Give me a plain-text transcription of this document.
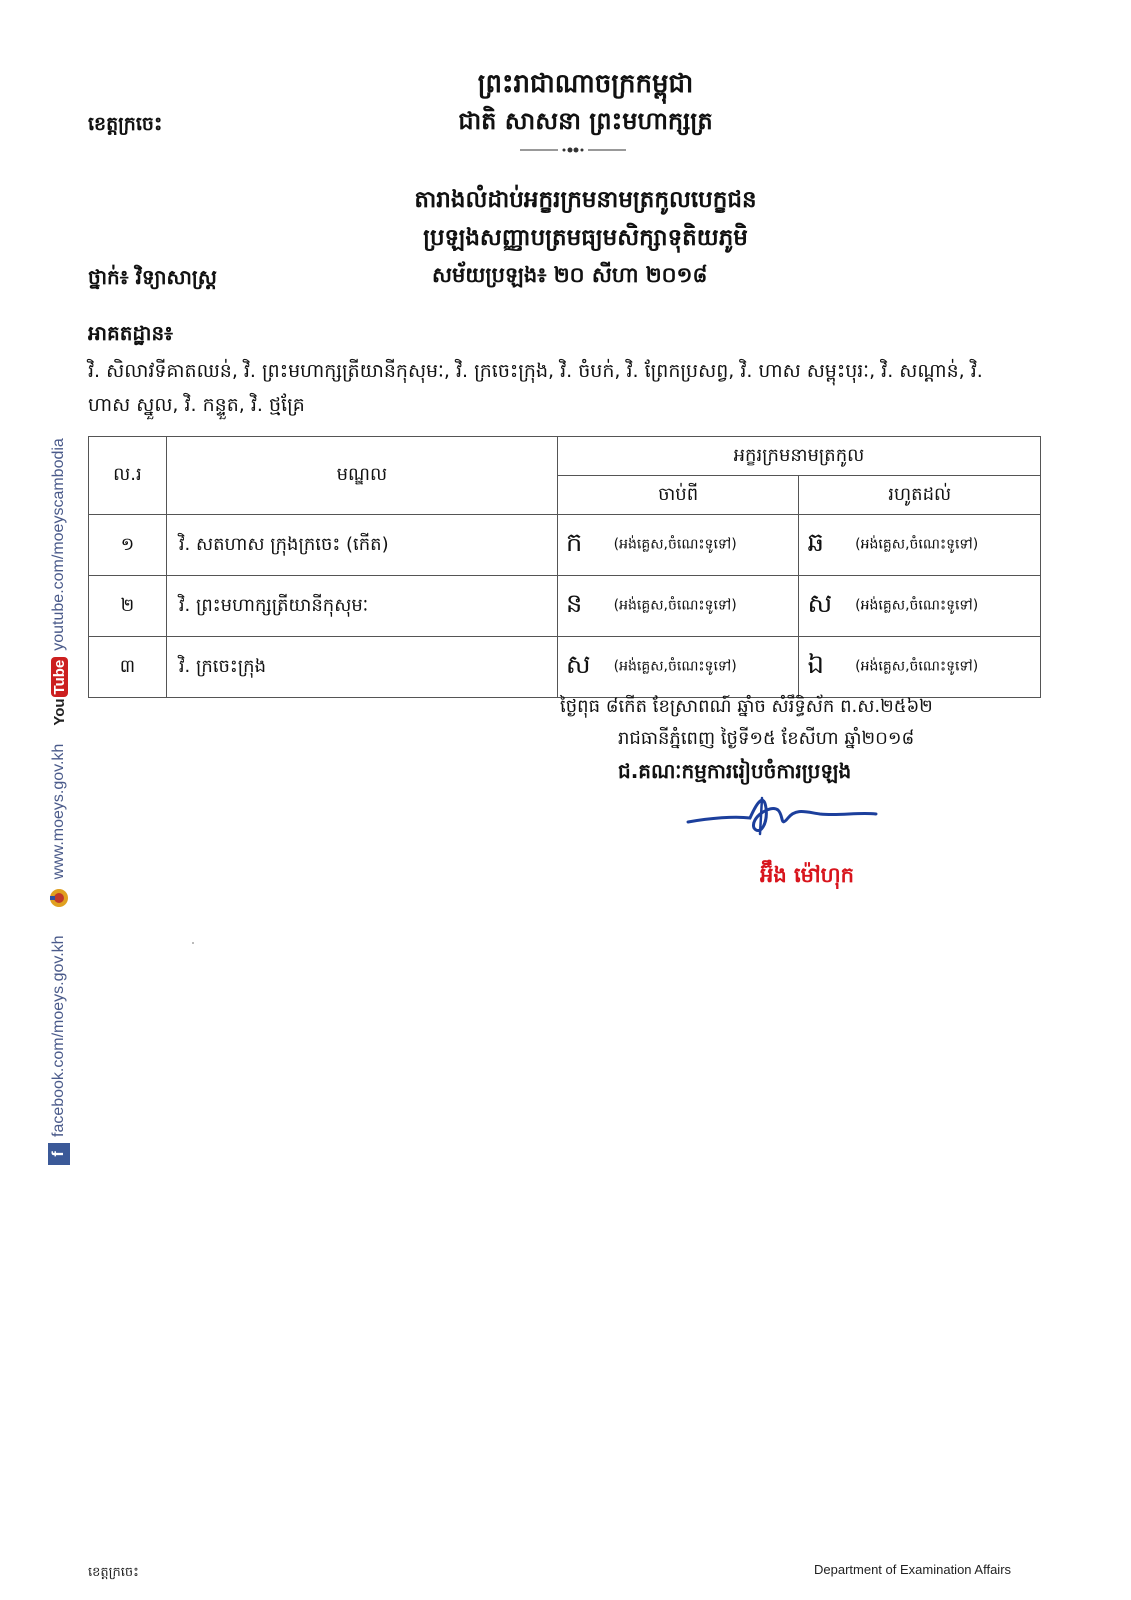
ព្រះរាជាណាចក្រកម្ពុជា
ជាតិ សាសនា ព្រះមហាក្សត្រ
ខេត្តក្រចេះ
តារាងលំដាប់អក្ខរក្រមនាមត្រកូលបេក្ខជន
ប្រឡងសញ្ញាបត្រមធ្យមសិក្សាទុតិយភូមិ
ថ្នាក់៖ វិទ្យាសាស្ត្រ	សម័យប្រឡង៖ ២០ សីហា ២០១៨
អាគតដ្ឋាន៖
វិ. សិលាវទីគាតឈន់, វិ. ព្រះមហាក្សត្រីយានីកុសុមៈ, វិ. ក្រចេះក្រុង, វិ. ចំបក់, វិ. ព្រែកប្រសព្វ, វិ. ហាស សម្ពុះបុរៈ, វិ. សណ្តាន់, វិ. ហាស ស្នួល, វិ. កន្ទួត, វិ. ថ្មគ្រែ
ល.រ	មណ្ឌល	អក្ខរក្រមនាមត្រកូល	
		ចាប់ពី	រហូតដល់
១	វិ. សតហាស ក្រុងក្រចេះ (កើត)	ក (អង់គ្លេស,ចំណេះទូទៅ)	ឆ (អង់គ្លេស,ចំណេះទូទៅ)
២	វិ. ព្រះមហាក្សត្រីយានីកុសុមៈ	ន (អង់គ្លេស,ចំណេះទូទៅ)	ស (អង់គ្លេស,ចំណេះទូទៅ)
៣	វិ. ក្រចេះក្រុង	ស (អង់គ្លេស,ចំណេះទូទៅ)	ឯ (អង់គ្លេស,ចំណេះទូទៅ)
ថ្ងៃពុធ ៨កើត ខែស្រាពណ៍ ឆ្នាំច សំរឹទ្ធិស័ក ព.ស.២៥៦២
រាជធានីភ្នំពេញ ថ្ងៃទី១៥ ខែសីហា ឆ្នាំ២០១៨
ជ.គណៈកម្មការរៀបចំការប្រឡង
អ៊ឹង ម៉ៅហុក
f
facebook.com/moeys.gov.kh
www.moeys.gov.kh
You
Tube
youtube.com/moeyscambodia
ខេត្តក្រចេះ	Department of Examination Affairs
